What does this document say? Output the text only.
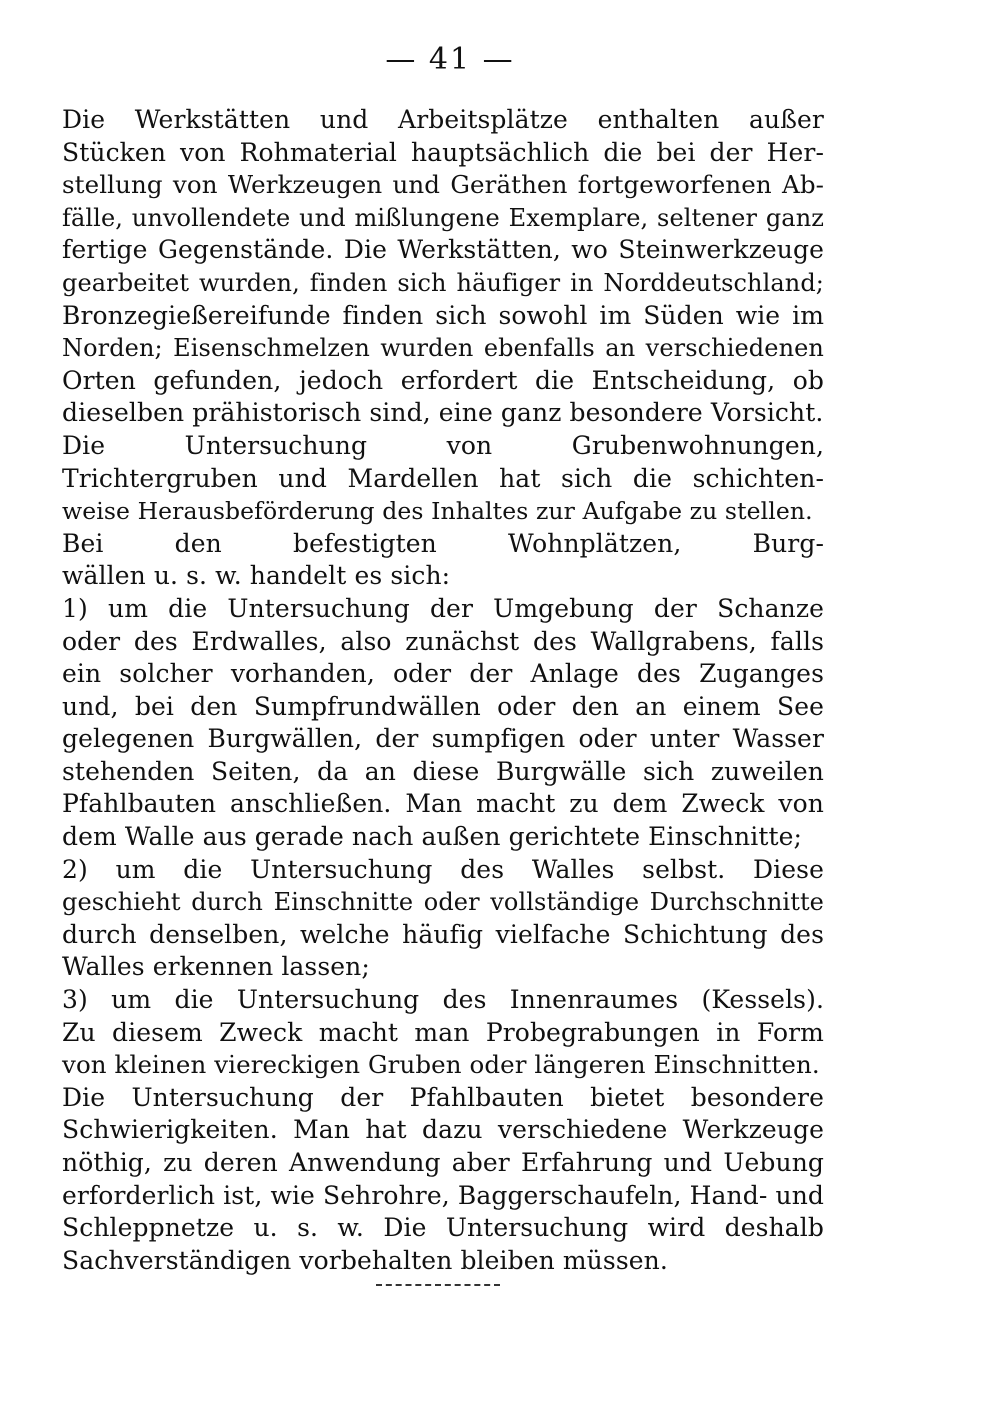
— 41 —
Die Werkstätten und Arbeitsplätze enthalten außer
Stücken von Rohmaterial hauptsächlich die bei der Her-
stellung von Werkzeugen und Geräthen fortgeworfenen Ab-
fälle, unvollendete und mißlungene Exemplare, seltener ganz
fertige Gegenstände. Die Werkstätten, wo Steinwerkzeuge
gearbeitet wurden, finden sich häufiger in Norddeutschland;
Bronzegießereifunde finden sich sowohl im Süden wie im
Norden; Eisenschmelzen wurden ebenfalls an verschiedenen
Orten gefunden, jedoch erfordert die Entscheidung, ob
dieselben prähistorisch sind, eine ganz besondere Vorsicht.
Die Untersuchung von Grubenwohnungen,
Trichtergruben und Mardellen hat sich die schichten-
weise Herausbeförderung des Inhaltes zur Aufgabe zu stellen.
Bei den befestigten Wohnplätzen, Burg-
wällen u. s. w. handelt es sich:
1) um die Untersuchung der Umgebung der Schanze
oder des Erdwalles, also zunächst des Wallgrabens, falls
ein solcher vorhanden, oder der Anlage des Zuganges
und, bei den Sumpfrundwällen oder den an einem See
gelegenen Burgwällen, der sumpfigen oder unter Wasser
stehenden Seiten, da an diese Burgwälle sich zuweilen
Pfahlbauten anschließen. Man macht zu dem Zweck von
dem Walle aus gerade nach außen gerichtete Einschnitte;
2) um die Untersuchung des Walles selbst. Diese
geschieht durch Einschnitte oder vollständige Durchschnitte
durch denselben, welche häufig vielfache Schichtung des
Walles erkennen lassen;
3) um die Untersuchung des Innenraumes (Kessels).
Zu diesem Zweck macht man Probegrabungen in Form
von kleinen viereckigen Gruben oder längeren Einschnitten.
Die Untersuchung der Pfahlbauten bietet besondere
Schwierigkeiten. Man hat dazu verschiedene Werkzeuge
nöthig, zu deren Anwendung aber Erfahrung und Uebung
erforderlich ist, wie Sehrohre, Baggerschaufeln, Hand- und
Schleppnetze u. s. w. Die Untersuchung wird deshalb
Sachverständigen vorbehalten bleiben müssen.
